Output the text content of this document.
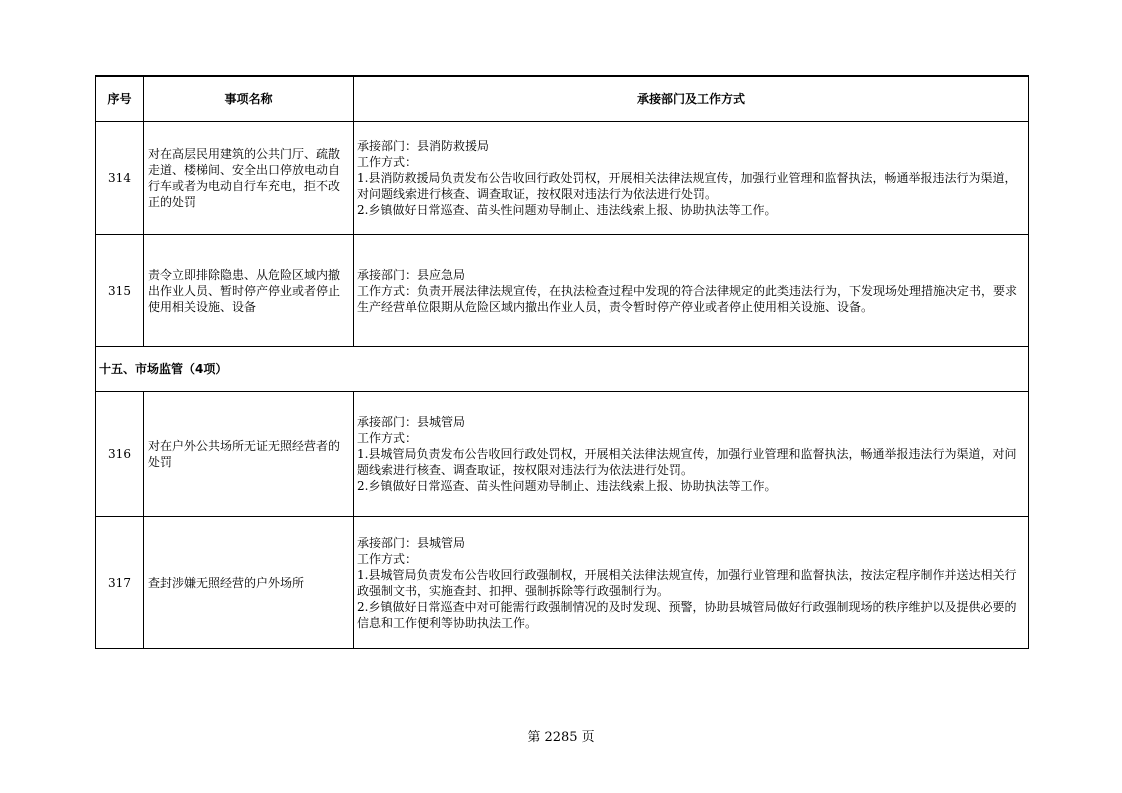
序号	事项名称	承接部门及工作方式
314	对在高层民用建筑的公共门厅、疏散走道、楼梯间、安全出口停放电动自行车或者为电动自行车充电，拒不改正的处罚	承接部门：县消防救援局
工作方式：
1.县消防救援局负责发布公告收回行政处罚权，开展相关法律法规宣传，加强行业管理和监督执法，畅通举报违法行为渠道，对问题线索进行核查、调查取证，按权限对违法行为依法进行处罚。
2.乡镇做好日常巡查、苗头性问题劝导制止、违法线索上报、协助执法等工作。

315	责令立即排除隐患、从危险区域内撤出作业人员、暂时停产停业或者停止使用相关设施、设备	承接部门：县应急局
工作方式：负责开展法律法规宣传，在执法检查过程中发现的符合法律规定的此类违法行为，下发现场处理措施决定书，要求生产经营单位限期从危险区域内撤出作业人员，责令暂时停产停业或者停止使用相关设施、设备。

十五、市场监管（4项）		
316	对在户外公共场所无证无照经营者的处罚	承接部门：县城管局
工作方式：
1.县城管局负责发布公告收回行政处罚权，开展相关法律法规宣传，加强行业管理和监督执法，畅通举报违法行为渠道，对问题线索进行核查、调查取证，按权限对违法行为依法进行处罚。
2.乡镇做好日常巡查、苗头性问题劝导制止、违法线索上报、协助执法等工作。

317	查封涉嫌无照经营的户外场所	承接部门：县城管局
工作方式：
1.县城管局负责发布公告收回行政强制权，开展相关法律法规宣传，加强行业管理和监督执法，按法定程序制作并送达相关行政强制文书，实施查封、扣押、强制拆除等行政强制行为。
2.乡镇做好日常巡查中对可能需行政强制情况的及时发现、预警，协助县城管局做好行政强制现场的秩序维护以及提供必要的信息和工作便利等协助执法工作。
第 2285 页
